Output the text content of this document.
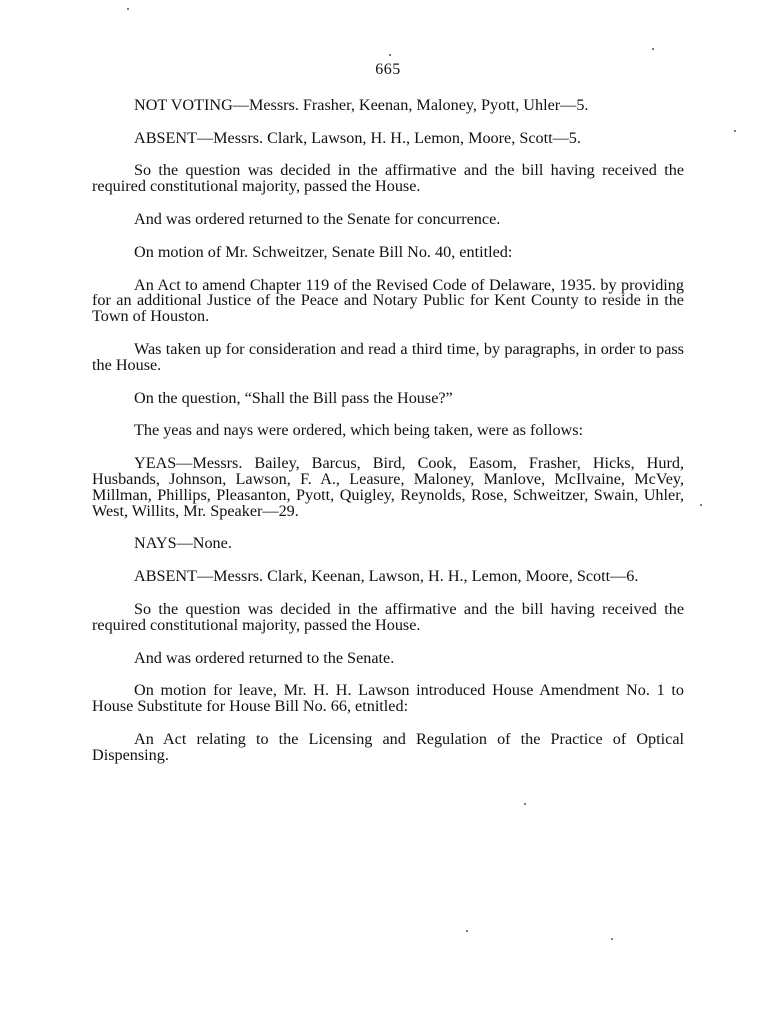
665

NOT VOTING—Messrs. Frasher, Keenan, Maloney, Pyott, Uhler—5.

ABSENT—Messrs. Clark, Lawson, H. H., Lemon, Moore, Scott—5.

So the question was decided in the affirmative and the bill having received the required constitutional majority, passed the House.

And was ordered returned to the Senate for concurrence.

On motion of Mr. Schweitzer, Senate Bill No. 40, entitled:

An Act to amend Chapter 119 of the Revised Code of Delaware, 1935. by providing for an additional Justice of the Peace and Notary Public for Kent County to reside in the Town of Houston.

Was taken up for consideration and read a third time, by paragraphs, in order to pass the House.

On the question, “Shall the Bill pass the House?”

The yeas and nays were ordered, which being taken, were as follows:

YEAS—Messrs. Bailey, Barcus, Bird, Cook, Easom, Frasher, Hicks, Hurd, Husbands, Johnson, Lawson, F. A., Leasure, Maloney, Manlove, McIlvaine, McVey, Millman, Phillips, Pleasanton, Pyott, Quigley, Reynolds, Rose, Schweitzer, Swain, Uhler, West, Willits, Mr. Speaker—29.

NAYS—None.

ABSENT—Messrs. Clark, Keenan, Lawson, H. H., Lemon, Moore, Scott—6.

So the question was decided in the affirmative and the bill having received the required constitutional majority, passed the House.

And was ordered returned to the Senate.

On motion for leave, Mr. H. H. Lawson introduced House Amendment No. 1 to House Substitute for House Bill No. 66, etnitled:

An Act relating to the Licensing and Regulation of the Practice of Optical Dispensing.
